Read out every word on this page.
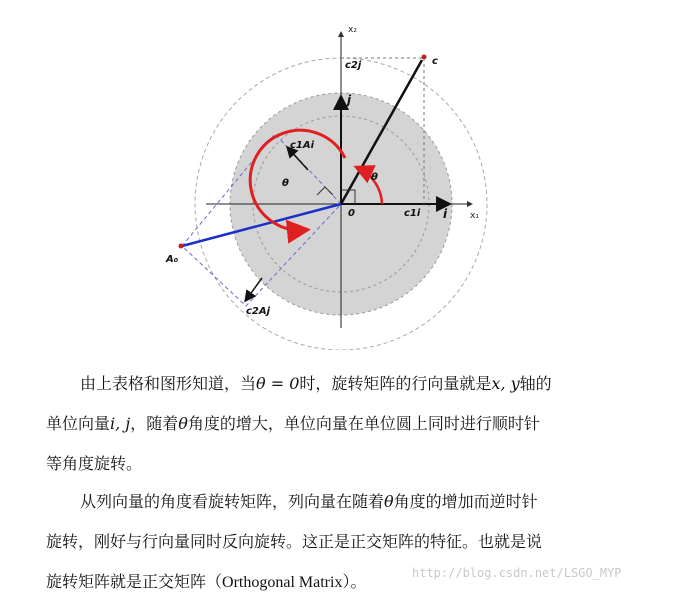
x₂
x₁
c
c2j
j
c1Ai
θ
θ
0	c1i i
A₀
c2Aj
由上表格和图形知道，当θ = 0时，旋转矩阵的行向量就是x, y轴的
单位向量i, j，随着θ角度的增大，单位向量在单位圆上同时进行顺时针
等角度旋转。
从列向量的角度看旋转矩阵，列向量在随着θ角度的增加而逆时针
旋转，刚好与行向量同时反向旋转。这正是正交矩阵的特征。也就是说
旋转矩阵就是正交矩阵（Orthogonal Matrix）。	http://blog.csdn.net/LSGO_MYP
